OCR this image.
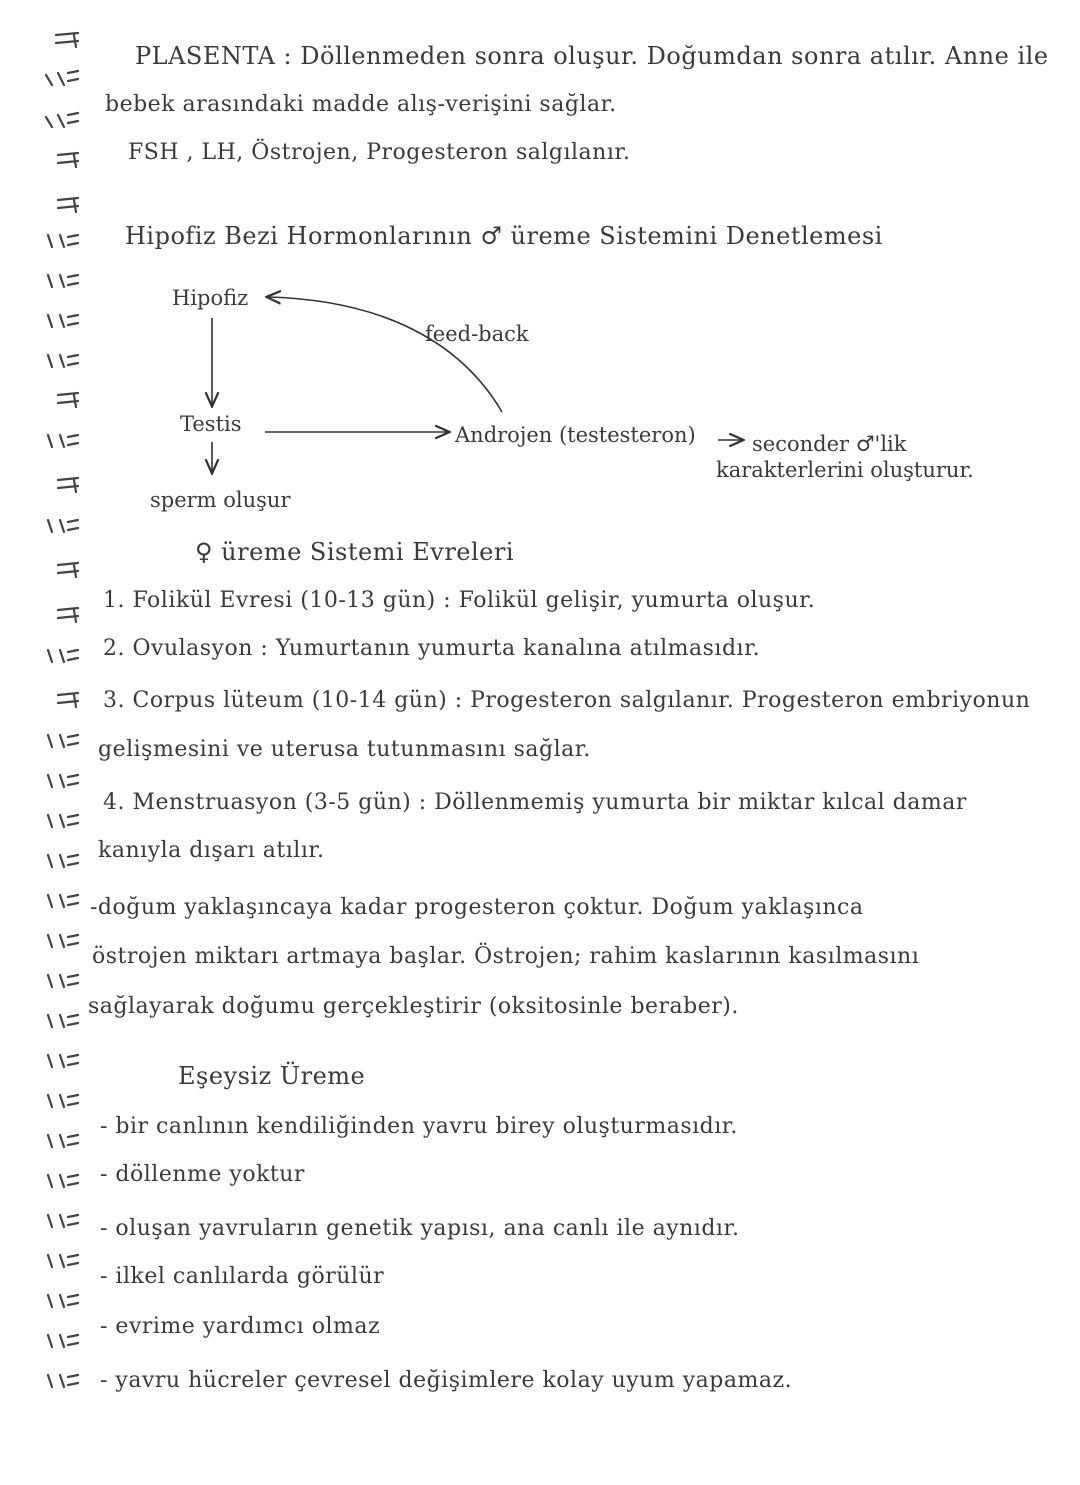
PLASENTA : Döllenmeden sonra oluşur. Doğumdan sonra atılır. Anne ile
bebek arasındaki madde alış-verişini sağlar.
FSH , LH, Östrojen, Progesteron salgılanır.
Hipofiz Bezi Hormonlarının ♂ üreme Sistemini Denetlemesi
Hipofiz
feed-back
Testis	Androjen (testesteron)	seconder ♂'lik
karakterlerini oluşturur.
sperm oluşur
♀ üreme Sistemi Evreleri
1. Folikül Evresi (10-13 gün) : Folikül gelişir, yumurta oluşur.
2. Ovulasyon : Yumurtanın yumurta kanalına atılmasıdır.
3. Corpus lüteum (10-14 gün) : Progesteron salgılanır. Progesteron embriyonun
gelişmesini ve uterusa tutunmasını sağlar.
4. Menstruasyon (3-5 gün) : Döllenmemiş yumurta bir miktar kılcal damar
kanıyla dışarı atılır.
-doğum yaklaşıncaya kadar progesteron çoktur. Doğum yaklaşınca
östrojen miktarı artmaya başlar. Östrojen; rahim kaslarının kasılmasını
sağlayarak doğumu gerçekleştirir (oksitosinle beraber).
Eşeysiz Üreme
- bir canlının kendiliğinden yavru birey oluşturmasıdır.
- döllenme yoktur
- oluşan yavruların genetik yapısı, ana canlı ile aynıdır.
- ilkel canlılarda görülür
- evrime yardımcı olmaz
- yavru hücreler çevresel değişimlere kolay uyum yapamaz.
